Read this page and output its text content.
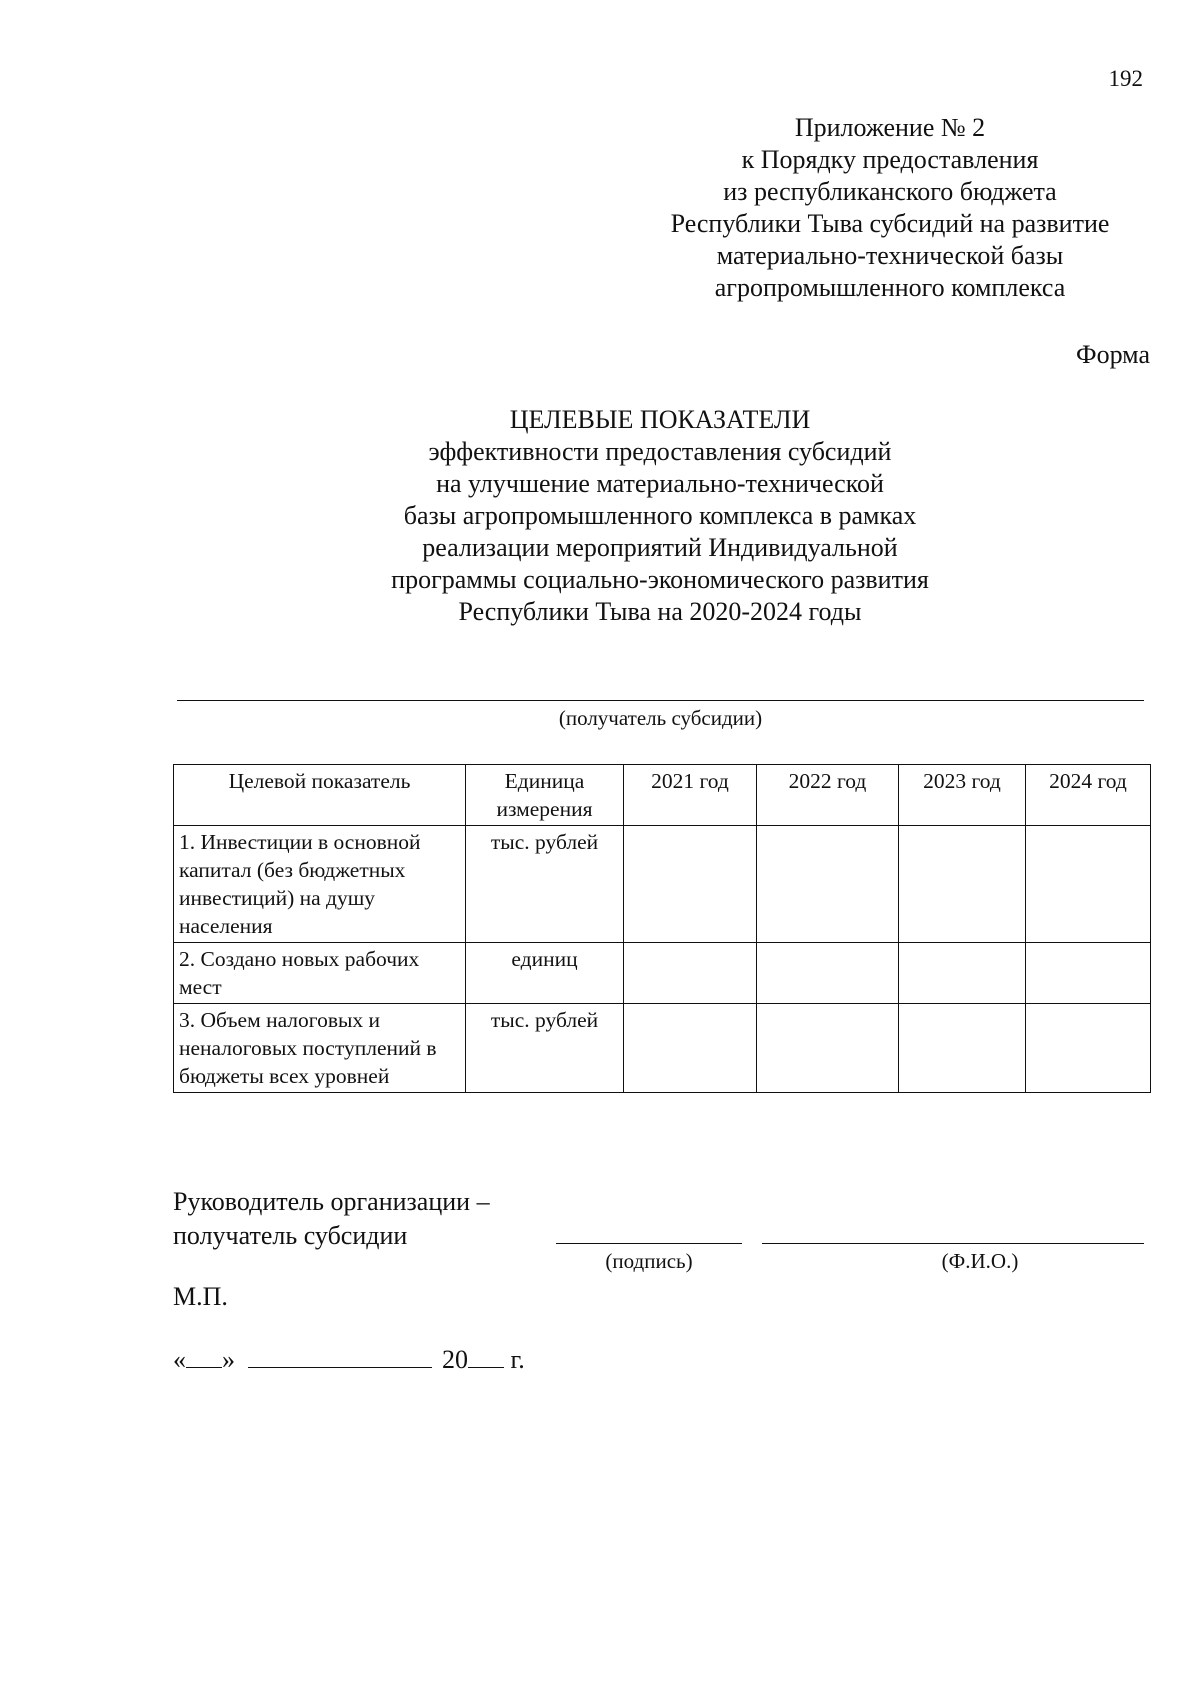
192
Приложение № 2
к Порядку предоставления
из республиканского бюджета
Республики Тыва субсидий на развитие
материально-технической базы
агропромышленного комплекса
Форма
ЦЕЛЕВЫЕ ПОКАЗАТЕЛИ
эффективности предоставления субсидий
на улучшение материально-технической
базы агропромышленного комплекса в рамках
реализации мероприятий Индивидуальной
программы социально-экономического развития
Республики Тыва на 2020-2024 годы
(получатель субсидии)
Целевой показатель	Единица измерения	2021 год	2022 год	2023 год	2024 год
1. Инвестиции в основной капитал (без бюджетных инвестиций) на душу населения	тыс. рублей				
2. Создано новых рабочих мест	единиц				
3. Объем налоговых и неналоговых поступлений в бюджеты всех уровней	тыс. рублей				
Руководитель организации –
получатель субсидии
(подпись)	(Ф.И.О.)
М.П.
« »	20 г.
